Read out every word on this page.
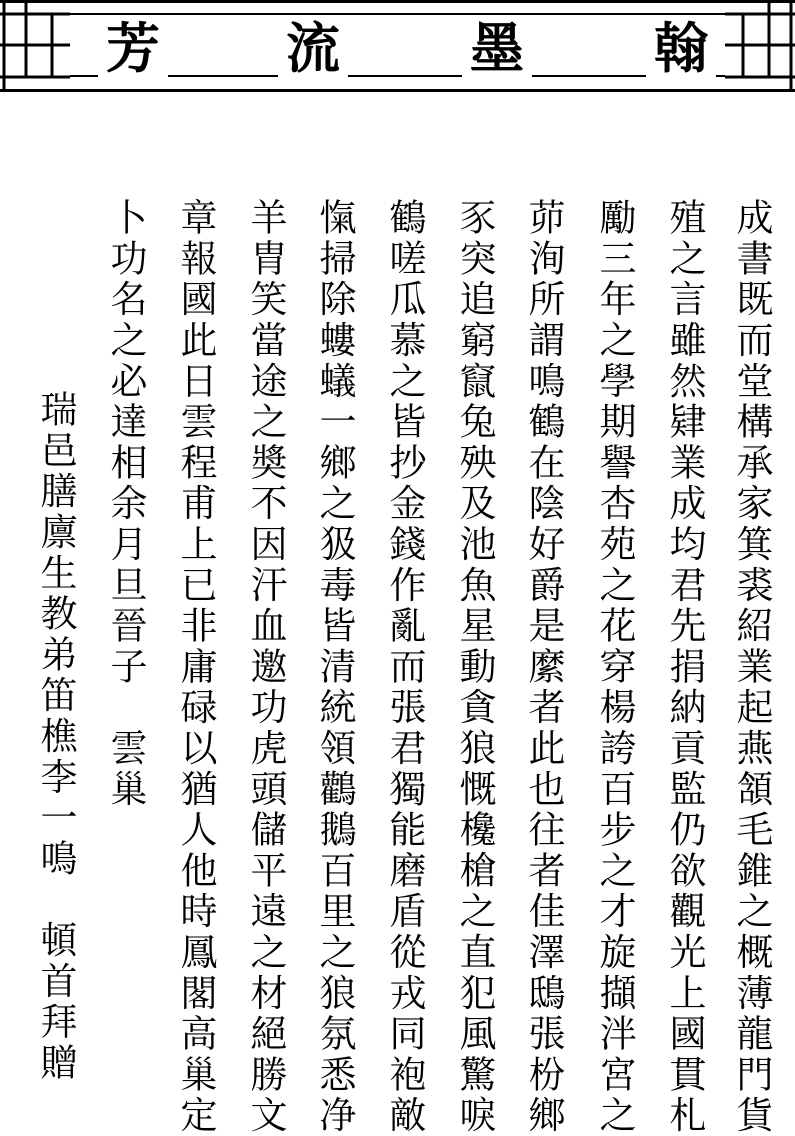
芳 流 墨 翰
成書既而堂構承家箕裘紹業起燕頷毛錐之概薄龍門貨
殖之言雖然肄業成均君先捐納貢監仍欲觀光上國貫札
勵三年之學期譽杏苑之花穿楊誇百步之才旋擷泮宮之
茆洵所謂鳴鶴在陰好爵是縻者此也往者佳澤鴟張枌鄉
豕突追窮竄兔殃及池魚星動貪狼慨欃槍之直犯風驚唳
鶴嗟瓜慕之皆抄金錢作亂而張君獨能磨盾從戎同袍敵
愾掃除螻蟻一鄉之𤜯毒皆清統領鸛鵝百里之狼氛悉净
羊胄笑當途之奬不因汗血邀功虎頭儲平遠之材絕勝文
章報國此日雲程甫上已非庸碌以猶人他時鳳閣高巢定
卜功名之必達相余月旦晉子　雲巢
瑞邑膳廪生教弟笛樵李一鳴　頓首拜贈
